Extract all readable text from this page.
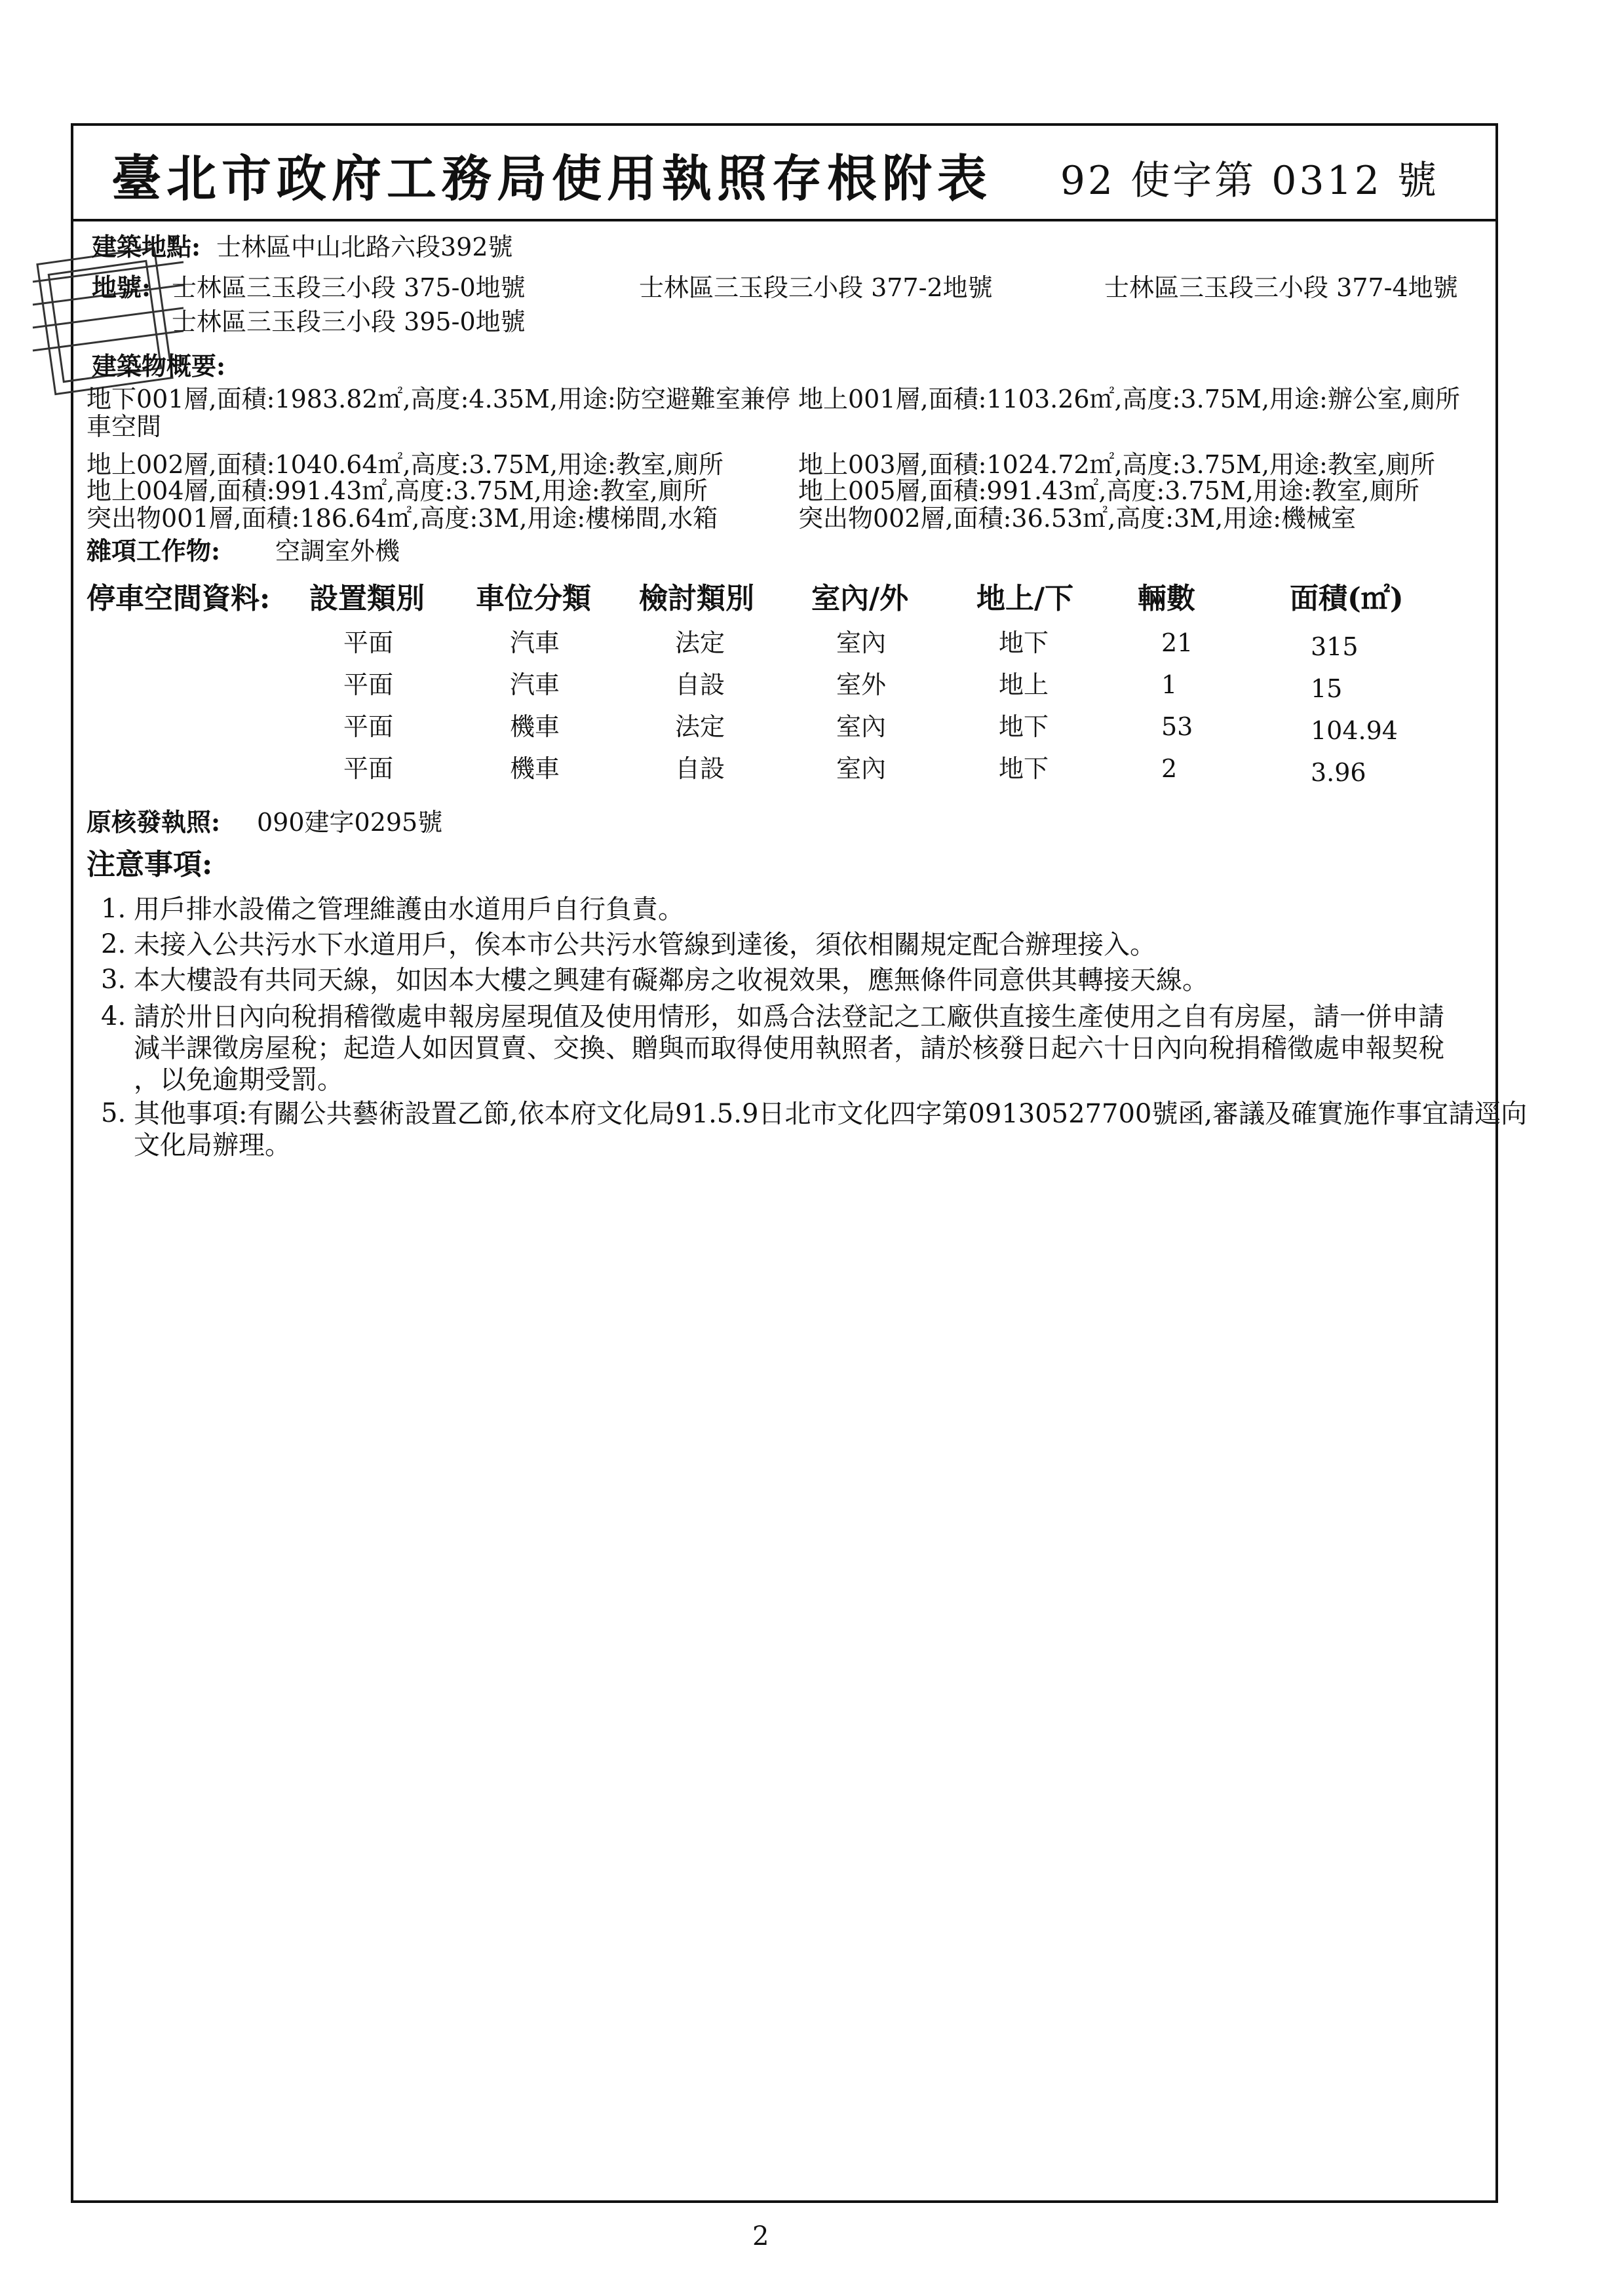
臺北市政府工務局使用執照存根附表 92 使字第 0312 號
建築地點: 士林區中山北路六段392號
地號: 士林區三玉段三小段 375-0地號	士林區三玉段三小段 377-2地號	士林區三玉段三小段 377-4地號
士林區三玉段三小段 395-0地號
建築物概要:
地下001層,面積:1983.82㎡,高度:4.35M,用途:防空避難室兼停
車空間
地上001層,面積:1103.26㎡,高度:3.75M,用途:辦公室,廁所
地上002層,面積:1040.64㎡,高度:3.75M,用途:教室,廁所	地上003層,面積:1024.72㎡,高度:3.75M,用途:教室,廁所
地上004層,面積:991.43㎡,高度:3.75M,用途:教室,廁所	地上005層,面積:991.43㎡,高度:3.75M,用途:教室,廁所
突出物001層,面積:186.64㎡,高度:3M,用途:樓梯間,水箱	突出物002層,面積:36.53㎡,高度:3M,用途:機械室
雜項工作物: 空調室外機
停車空間資料: 設置類別 車位分類 檢討類別 室內/外 地上/下 輛數	面積(㎡)
平面	汽車	法定	室內	地下	21	315
平面	汽車	自設	室外	地上	1	15
平面	機車	法定	室內	地下	53	104.94
平面	機車	自設	室內	地下	2	3.96
原核發執照: 090建字0295號
注意事項:
1. 用戶排水設備之管理維護由水道用戶自行負責。
2. 未接入公共污水下水道用戶，俟本市公共污水管線到達後，須依相關規定配合辦理接入。
3. 本大樓設有共同天線，如因本大樓之興建有礙鄰房之收視效果，應無條件同意供其轉接天線。
4. 請於卅日內向稅捐稽徵處申報房屋現值及使用情形，如爲合法登記之工廠供直接生產使用之自有房屋，請一併申請
減半課徵房屋稅；起造人如因買賣、交換、贈與而取得使用執照者，請於核發日起六十日內向稅捐稽徵處申報契稅
，以免逾期受罰。
5. 其他事項:有關公共藝術設置乙節,依本府文化局91.5.9日北市文化四字第09130527700號函,審議及確實施作事宜請逕向
文化局辦理。
2
